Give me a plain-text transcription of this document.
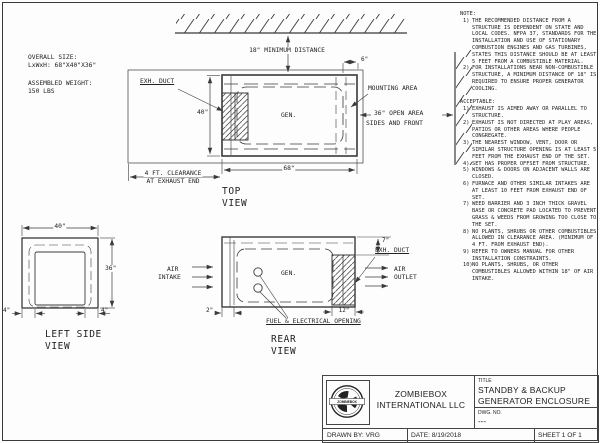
OVERALL SIZE:
LxWxH: 68"X40"X36"
ASSEMBLED WEIGHT:
150 LBS
18" MINIMUM DISTANCE
EXH. DUCT
40"	GEN.
6"
MOUNTING AREA
36" OPEN AREA
SIDES AND FRONT
68"
4 FT. CLEARANCE
AT EXHAUST END
TOP
VIEW
40"
36"
4"	4"
LEFT SIDE
VIEW
AIR
INTAKE
GEN.
2"
7"
EXH. DUCT
AIR
OUTLET
12"
FUEL & ELECTRICAL OPENING
REAR
VIEW
NOTE:
1) THE RECOMMENDED DISTANCE FROM A STRUCTURE IS DEPENDENT ON STATE AND LOCAL CODES. NFPA 37, STANDARDS FOR THE INSTALLATION AND USE OF STATIONARY COMBUSTION ENGINES AND GAS TURBINES, STATES THIS DISTANCE SHOULD BE AT LEAST 5 FEET FROM A COMBUSTIBLE MATERIAL.
2) FOR INSTALLATIONS NEAR NON-COMBUSTIBLE STRUCTURE, A MINIMUM DISTANCE OF 18" IS REQUIRED TO ENSURE PROPER GENERATOR COOLING.
ACCEPTABLE:
1) EXHAUST IS AIMED AWAY OR PARALLEL TO STRUCTURE.
2) EXHAUST IS NOT DIRECTED AT PLAY AREAS, PATIOS OR OTHER AREAS WHERE PEOPLE CONGREGATE.
3) THE NEAREST WINDOW, VENT, DOOR OR SIMILAR STRUCTURE OPENING IS AT LEAST 5 FEET FROM THE EXHAUST END OF THE SET.
4) SET HAS PROPER OFFSET FROM STRUCTURE.
5) WINDOWS & DOORS ON ADJACENT WALLS ARE CLOSED.
6) FURNACE AND OTHER SIMILAR INTAKES ARE AT LEAST 10 FEET FROM EXHAUST END OF SET.
7) WEED BARRIER AND 3 INCH THICK GRAVEL BASE OR CONCRETE PAD LOCATED TO PREVENT GRASS & WEEDS FROM GROWING TOO CLOSE TO THE SET.
8) NO PLANTS, SHRUBS OR OTHER COMBUSTIBLES ALLOWED IN CLEARANCE AREA. (MINIMUM OF 4 FT. FROM EXHAUST END).
9) REFER TO OWNERS MANUAL FOR OTHER INSTALLATION CONSTRAINTS.
10) NO PLANTS, SHRUBS, OR OTHER COMBUSTIBLES ALLOWED WITHIN 18" OF AIR INTAKE.
ZOMBIEBOX
ZOMBIEBOX
INTERNATIONAL LLC
TITLE
STANDBY & BACKUP
GENERATOR ENCLOSURE
DWG. NO.
---
DRAWN BY: VRG	DATE: 8/19/2018	SHEET 1 OF 1
